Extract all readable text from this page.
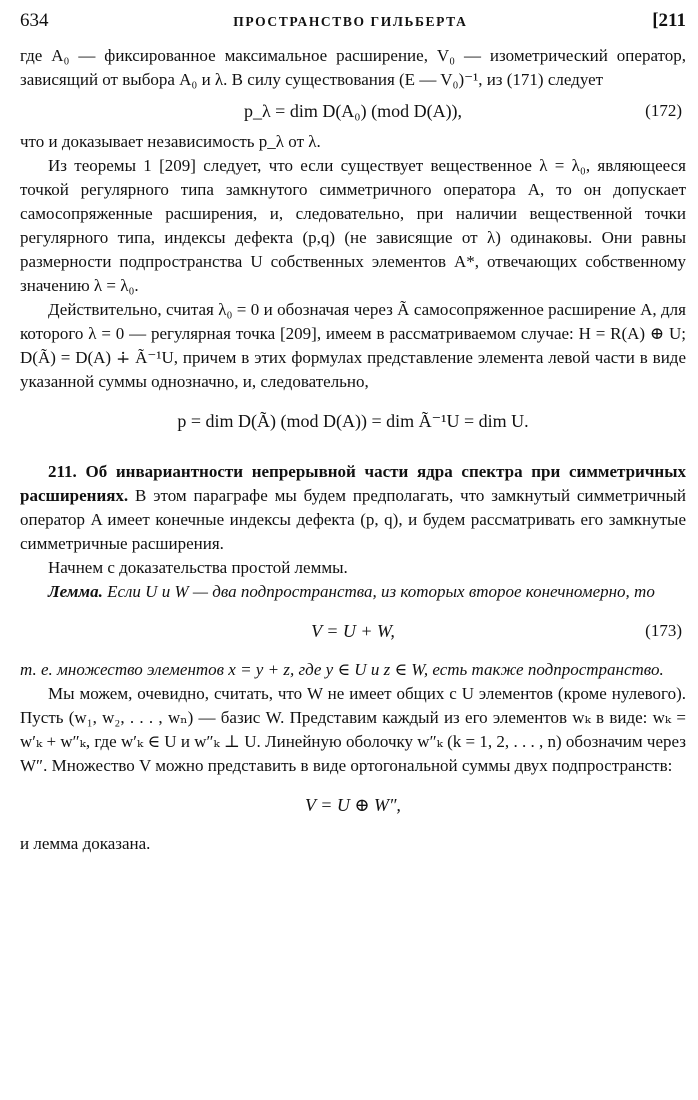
634	ПРОСТРАНСТВО ГИЛЬБЕРТА	[211

где A₀ — фиксированное максимальное расширение, V₀ — изометрический оператор, зависящий от выбора A₀ и λ. В силу существования (E — V₀)⁻¹, из (171) следует

p_λ = dim D(A₀) (mod D(A)),	(172)

что и доказывает независимость p_λ от λ.

Из теоремы 1 [209] следует, что если существует вещественное λ = λ₀, являющееся точкой регулярного типа замкнутого симметричного оператора A, то он допускает самосопряженные расширения, и, следовательно, при наличии вещественной точки регулярного типа, индексы дефекта (p,q) (не зависящие от λ) одинаковы. Они равны размерности подпространства U собственных элементов A*, отвечающих собственному значению λ = λ₀.

Действительно, считая λ₀ = 0 и обозначая через Ã самосопряженное расширение A, для которого λ = 0 — регулярная точка [209], имеем в рассматриваемом случае: H = R(A) ⊕ U; D(Ã) = D(A) ∔ Ã⁻¹U, причем в этих формулах представление элемента левой части в виде указанной суммы однозначно, и, следовательно,

p = dim D(Ã) (mod D(A)) = dim Ã⁻¹U = dim U.

211. Об инвариантности непрерывной части ядра спектра при симметричных расширениях. В этом параграфе мы будем предполагать, что замкнутый симметричный оператор A имеет конечные индексы дефекта (p, q), и будем рассматривать его замкнутые симметричные расширения.

Начнем с доказательства простой леммы.

Лемма. Если U и W — два подпространства, из которых второе конечномерно, то

V = U + W,	(173)

т. е. множество элементов x = y + z, где y ∈ U и z ∈ W, есть также подпространство.

Мы можем, очевидно, считать, что W не имеет общих с U элементов (кроме нулевого). Пусть (w₁, w₂, . . . , wₙ) — базис W. Представим каждый из его элементов wₖ в виде: wₖ = w′ₖ + w″ₖ, где w′ₖ ∈ U и w″ₖ ⊥ U. Линейную оболочку w″ₖ (k = 1, 2, . . . , n) обозначим через W″. Множество V можно представить в виде ортогональной суммы двух подпространств:

V = U ⊕ W″,

и лемма доказана.
